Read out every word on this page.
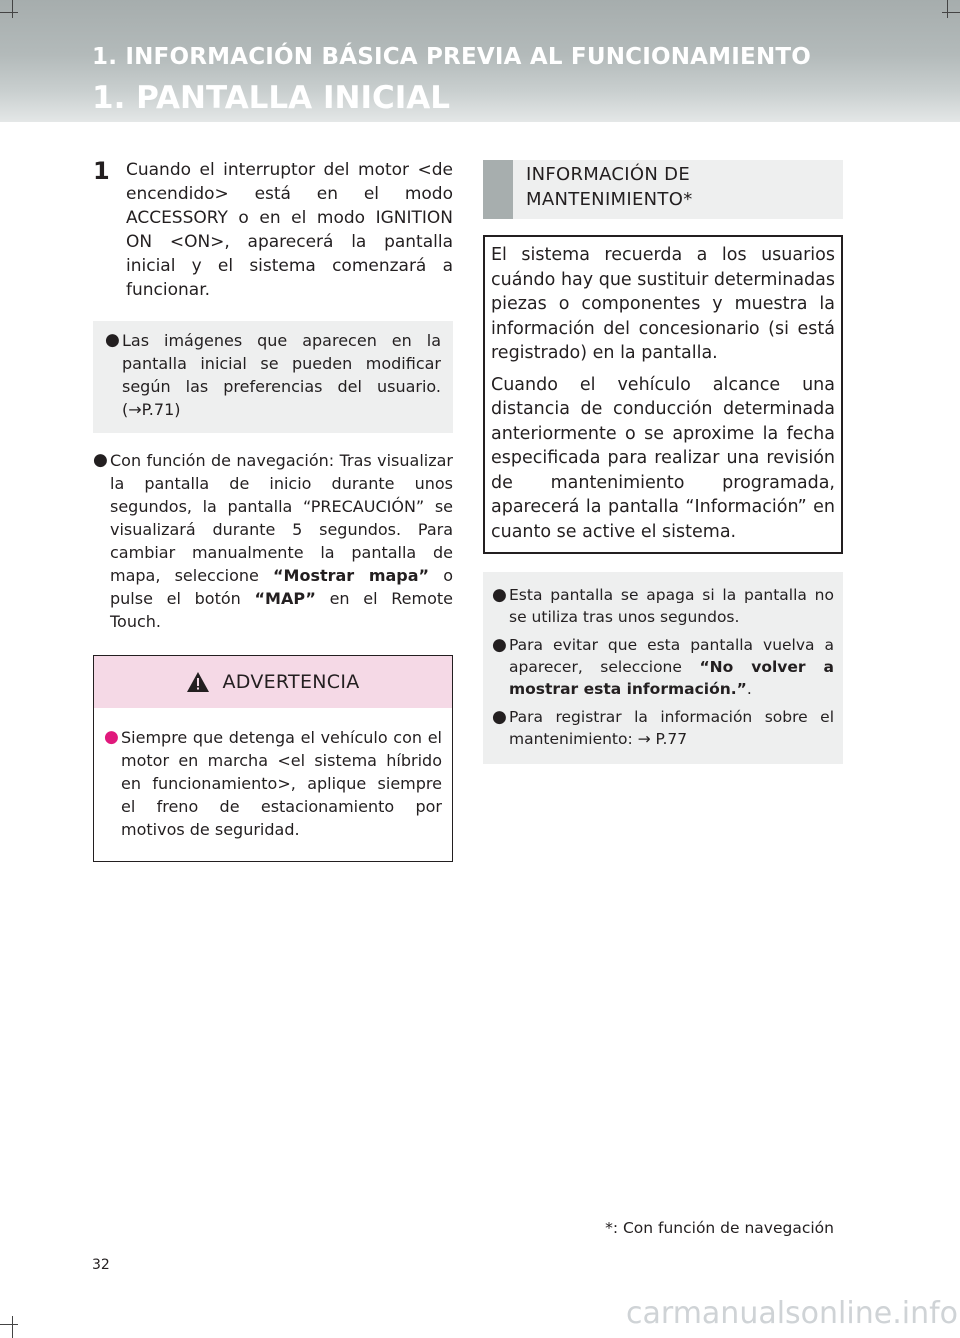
1. INFORMACIÓN BÁSICA PREVIA AL FUNCIONAMIENTO
1. PANTALLA INICIAL
1 Cuando el interruptor del motor <de encendido> está en el modo ACCESSORY o en el modo IGNITION ON <ON>, aparecerá la pantalla inicial y el sistema comenzará a funcionar.
● Las imágenes que aparecen en la pantalla inicial se pueden modificar según las preferencias del usuario. (→P.71)
● Con función de navegación: Tras visualizar la pantalla de inicio durante unos segundos, la pantalla “PRECAUCIÓN” se visualizará durante 5 segundos. Para cambiar manualmente la pantalla de mapa, seleccione “Mostrar mapa” o pulse el botón “MAP” en el Remote Touch.
ADVERTENCIA
● Siempre que detenga el vehículo con el motor en marcha <el sistema híbrido en funcionamiento>, aplique siempre el freno de estacionamiento por motivos de seguridad.
INFORMACIÓN DE
MANTENIMIENTO*

El sistema recuerda a los usuarios cuándo hay que sustituir determinadas piezas o componentes y muestra la información del concesionario (si está registrado) en la pantalla.

Cuando el vehículo alcance una distancia de conducción determinada anteriormente o se aproxime la fecha especificada para realizar una revisión de mantenimiento programada, aparecerá la pantalla “Información” en cuanto se active el sistema.

● Esta pantalla se apaga si la pantalla no se utiliza tras unos segundos.
● Para evitar que esta pantalla vuelva a aparecer, seleccione “No volver a mostrar esta información.”.
● Para registrar la información sobre el mantenimiento: → P.77
*: Con función de navegación
32
carmanualsonline.info
